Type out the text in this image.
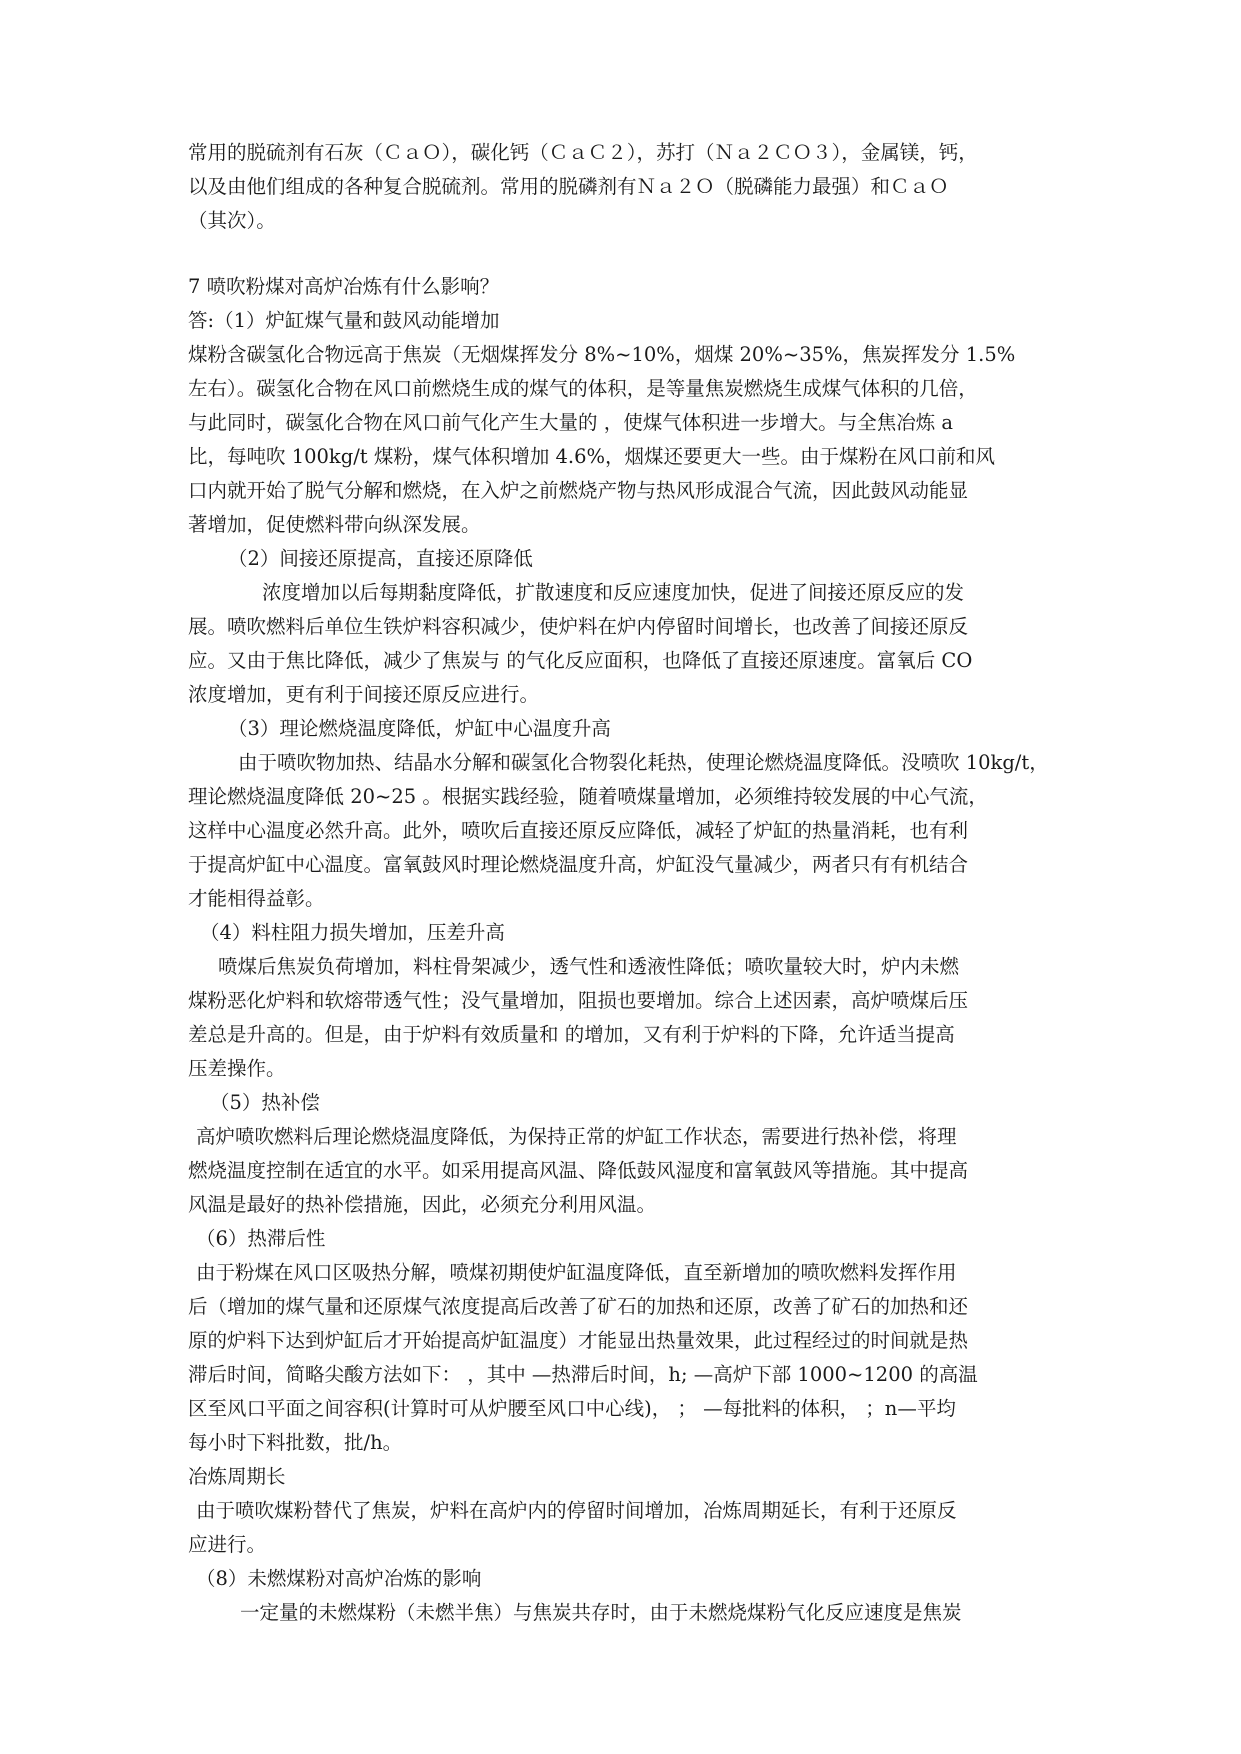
常用的脱硫剂有石灰（ＣａＯ），碳化钙（ＣａＣ２），苏打（Ｎａ２ＣＯ３），金属镁，钙，
以及由他们组成的各种复合脱硫剂。常用的脱磷剂有Ｎａ２Ｏ（脱磷能力最强）和ＣａＯ
（其次）。
7 喷吹粉煤对高炉冶炼有什么影响？
答:（1）炉缸煤气量和鼓风动能增加
煤粉含碳氢化合物远高于焦炭（无烟煤挥发分 8%~10%，烟煤 20%~35%，焦炭挥发分 1.5%
左右）。碳氢化合物在风口前燃烧生成的煤气的体积，是等量焦炭燃烧生成煤气体积的几倍，
与此同时，碳氢化合物在风口前气化产生大量的 ，使煤气体积进一步增大。与全焦冶炼 a
比，每吨吹 100kg/t 煤粉，煤气体积增加 4.6%，烟煤还要更大一些。由于煤粉在风口前和风
口内就开始了脱气分解和燃烧，在入炉之前燃烧产物与热风形成混合气流，因此鼓风动能显
著增加，促使燃料带向纵深发展。
（2）间接还原提高，直接还原降低
浓度增加以后每期黏度降低，扩散速度和反应速度加快，促进了间接还原反应的发
展。喷吹燃料后单位生铁炉料容积减少，使炉料在炉内停留时间增长，也改善了间接还原反
应。又由于焦比降低，减少了焦炭与 的气化反应面积，也降低了直接还原速度。富氧后 CO
浓度增加，更有利于间接还原反应进行。
（3）理论燃烧温度降低，炉缸中心温度升高
由于喷吹物加热、结晶水分解和碳氢化合物裂化耗热，使理论燃烧温度降低。没喷吹 10kg/t，
理论燃烧温度降低 20~25 。根据实践经验，随着喷煤量增加，必须维持较发展的中心气流，
这样中心温度必然升高。此外，喷吹后直接还原反应降低，减轻了炉缸的热量消耗，也有利
于提高炉缸中心温度。富氧鼓风时理论燃烧温度升高，炉缸没气量减少，两者只有有机结合
才能相得益彰。
（4）料柱阻力损失增加，压差升高
喷煤后焦炭负荷增加，料柱骨架减少，透气性和透液性降低；喷吹量较大时，炉内未燃
煤粉恶化炉料和软熔带透气性；没气量增加，阻损也要增加。综合上述因素，高炉喷煤后压
差总是升高的。但是，由于炉料有效质量和 的增加，又有利于炉料的下降，允许适当提高
压差操作。
（5）热补偿
高炉喷吹燃料后理论燃烧温度降低，为保持正常的炉缸工作状态，需要进行热补偿，将理
燃烧温度控制在适宜的水平。如采用提高风温、降低鼓风湿度和富氧鼓风等措施。其中提高
风温是最好的热补偿措施，因此，必须充分利用风温。
（6）热滞后性
由于粉煤在风口区吸热分解，喷煤初期使炉缸温度降低，直至新增加的喷吹燃料发挥作用
后（增加的煤气量和还原煤气浓度提高后改善了矿石的加热和还原，改善了矿石的加热和还
原的炉料下达到炉缸后才开始提高炉缸温度）才能显出热量效果，此过程经过的时间就是热
滞后时间，简略尖酸方法如下： ，其中 —热滞后时间，h; —高炉下部 1000~1200 的高温
区至风口平面之间容积(计算时可从炉腰至风口中心线)， ； —每批料的体积， ；n—平均
每小时下料批数，批/h。
冶炼周期长
由于喷吹煤粉替代了焦炭，炉料在高炉内的停留时间增加，冶炼周期延长，有利于还原反
应进行。
（8）未燃煤粉对高炉冶炼的影响
一定量的未燃煤粉（未燃半焦）与焦炭共存时，由于未燃烧煤粉气化反应速度是焦炭
